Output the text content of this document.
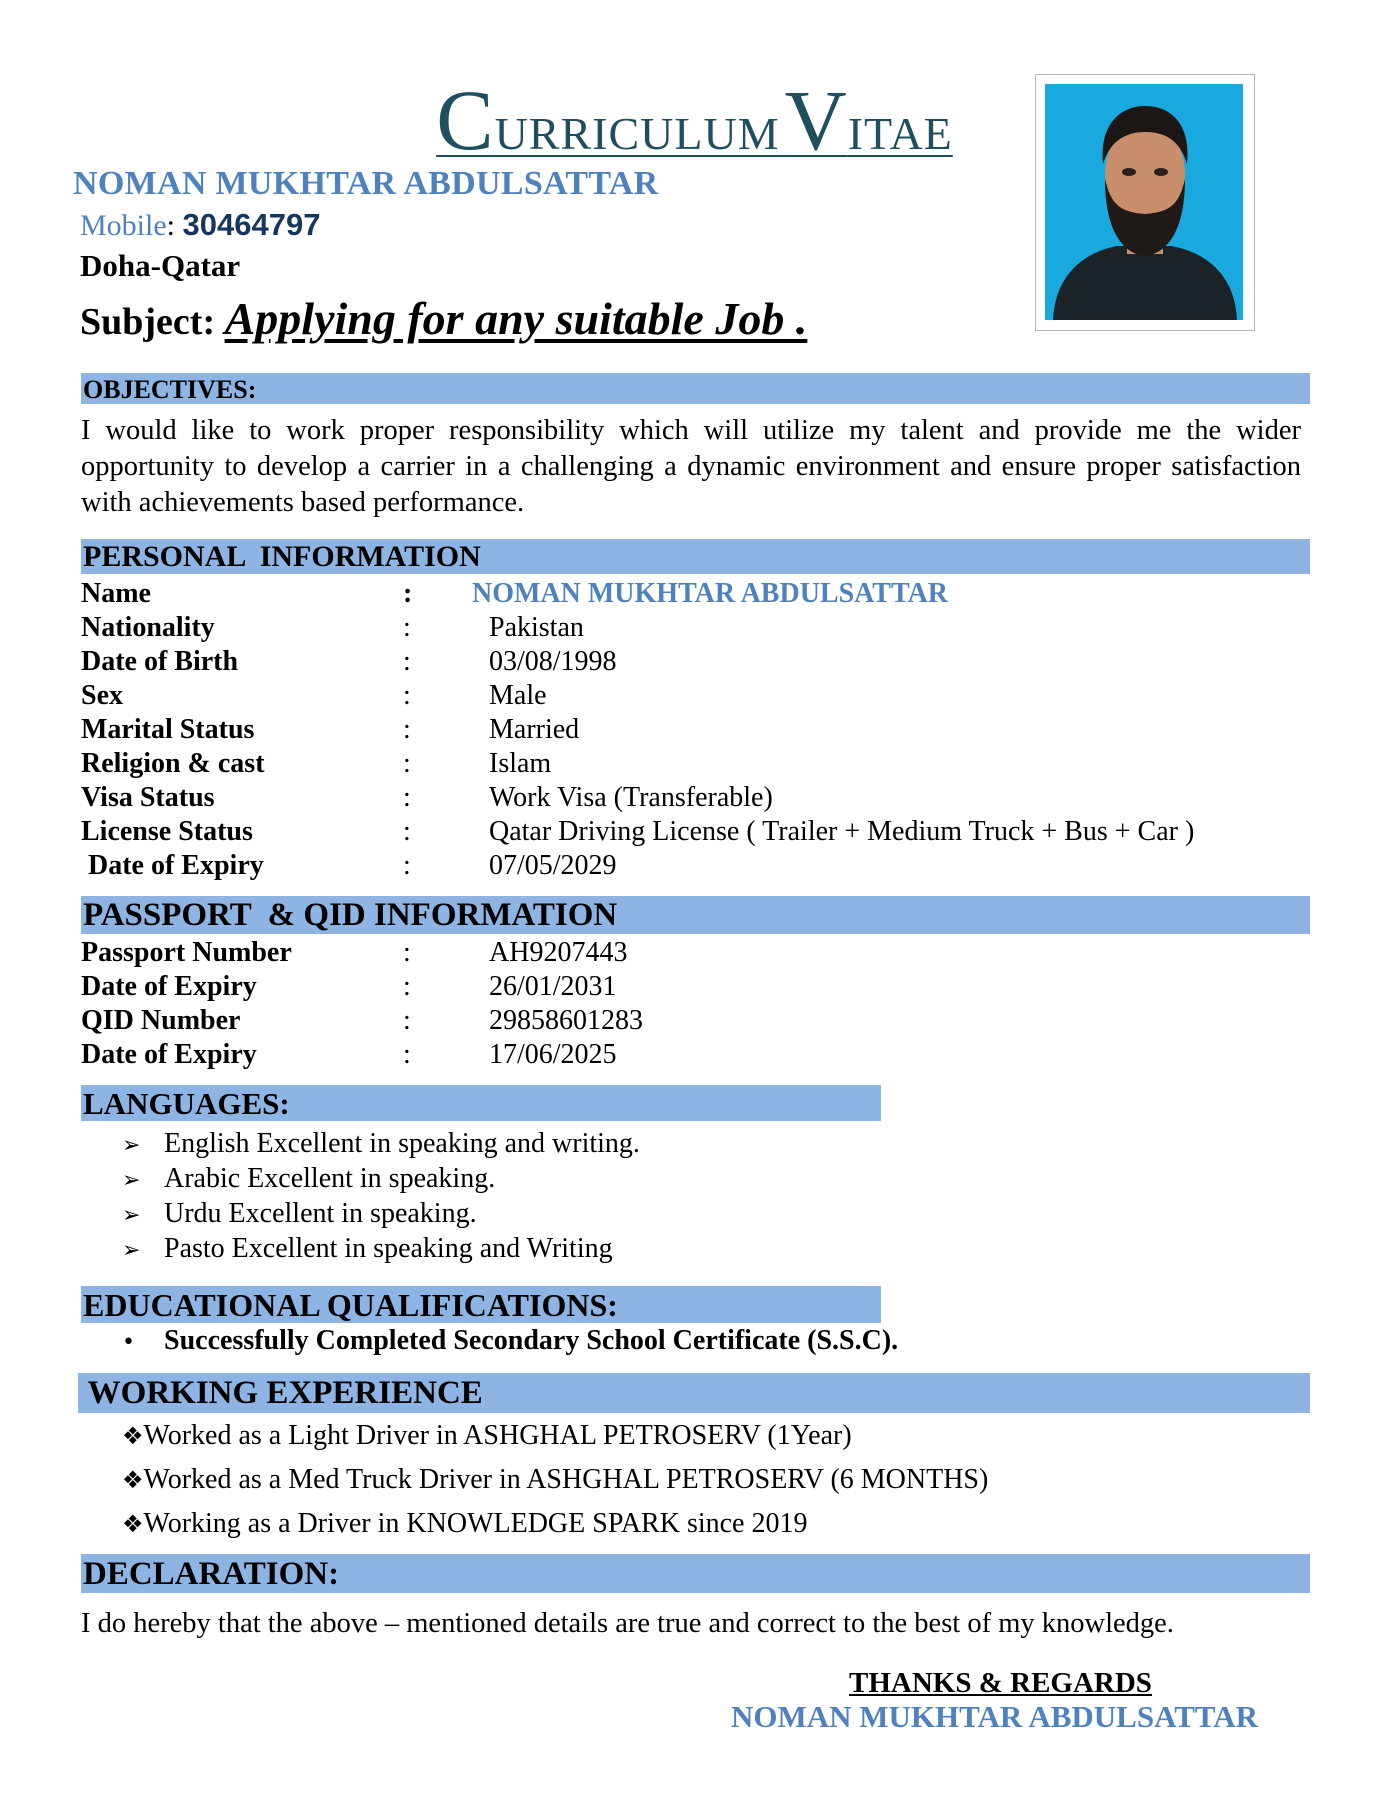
CURRICULUM VITAE
NOMAN MUKHTAR ABDULSATTAR
Mobile: 30464797
Doha-Qatar
Subject: Applying for any suitable Job .
OBJECTIVES:
I would like to work proper responsibility which will utilize my talent and provide me the wider opportunity to develop a carrier in a challenging a dynamic environment and ensure proper satisfaction with achievements based performance.
PERSONAL  INFORMATION
Name	: NOMAN MUKHTAR ABDULSATTAR
Nationality	:	Pakistan
Date of Birth	:	03/08/1998
Sex	:	Male
Marital Status	:	Married
Religion & cast	:	Islam
Visa Status	:	Work Visa (Transferable)
License Status	:	Qatar Driving License ( Trailer + Medium Truck + Bus + Car )
Date of Expiry	:	07/05/2029
PASSPORT  & QID INFORMATION
Passport Number	:	AH9207443
Date of Expiry	:	26/01/2031
QID Number	:	29858601283
Date of Expiry	:	17/06/2025
LANGUAGES:
➢ English Excellent in speaking and writing.
➢ Arabic Excellent in speaking.
➢ Urdu Excellent in speaking.
➢ Pasto Excellent in speaking and Writing
EDUCATIONAL QUALIFICATIONS:
• Successfully Completed Secondary School Certificate (S.S.C).
WORKING EXPERIENCE
❖Worked as a Light Driver in ASHGHAL PETROSERV (1Year)
❖Worked as a Med Truck Driver in ASHGHAL PETROSERV (6 MONTHS)
❖Working as a Driver in KNOWLEDGE SPARK since 2019
DECLARATION:
I do hereby that the above – mentioned details are true and correct to the best of my knowledge.
THANKS & REGARDS
NOMAN MUKHTAR ABDULSATTAR
